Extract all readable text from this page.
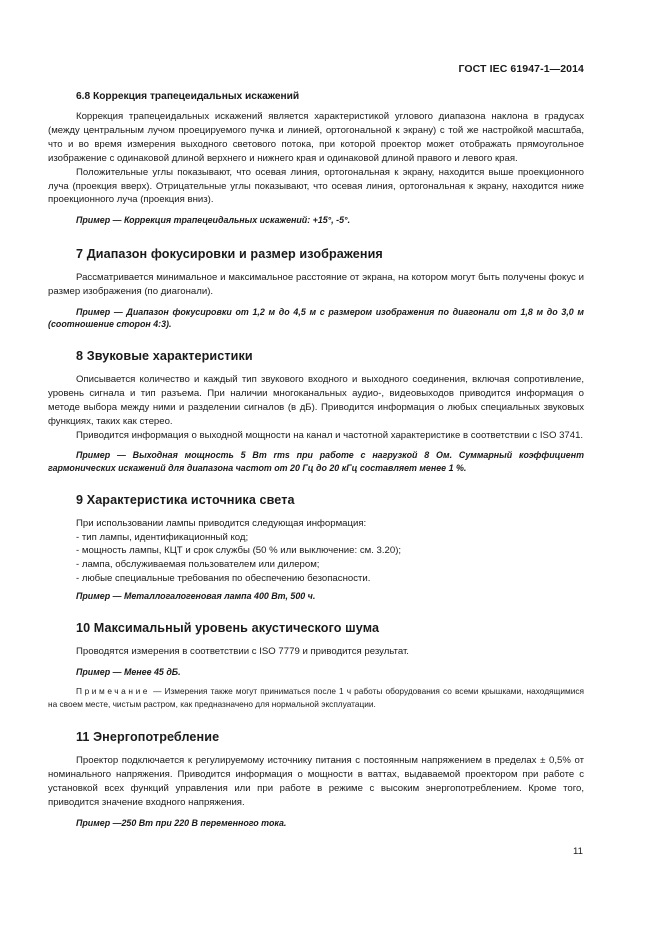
ГОСТ IEC 61947-1—2014
6.8 Коррекция трапецеидальных искажений

Коррекция трапецеидальных искажений является характеристикой углового диапазона наклона в градусах (между центральным лучом проецируемого пучка и линией, ортогональной к экрану) с той же настройкой масштаба, что и во время измерения выходного светового потока, при которой проектор может отображать прямоугольное изображение с одинаковой длиной верхнего и нижнего края и одинаковой длиной правого и левого края.

Положительные углы показывают, что осевая линия, ортогональная к экрану, находится выше проекционного луча (проекция вверх). Отрицательные углы показывают, что осевая линия, ортогональная к экрану, находится ниже проекционного луча (проекция вниз).

Пример — Коррекция трапецеидальных искажений: +15°, -5°.

7 Диапазон фокусировки и размер изображения

Рассматривается минимальное и максимальное расстояние от экрана, на котором могут быть получены фокус и размер изображения (по диагонали).

Пример — Диапазон фокусировки от 1,2 м до 4,5 м с размером изображения по диагонали от 1,8 м до 3,0 м (соотношение сторон 4:3).

8 Звуковые характеристики

Описывается количество и каждый тип звукового входного и выходного соединения, включая сопротивление, уровень сигнала и тип разъема. При наличии многоканальных аудио-, видеовыходов приводится информация о методе выбора между ними и разделении сигналов (в дБ). Приводится информация о любых специальных звуковых функциях, таких как стерео.

Приводится информация о выходной мощности на канал и частотной характеристике в соответствии с ISO 3741.

Пример — Выходная мощность 5 Вт rms при работе с нагрузкой 8 Ом. Суммарный коэффициент гармонических искажений для диапазона частот от 20 Гц до 20 кГц составляет менее 1 %.

9 Характеристика источника света

При использовании лампы приводится следующая информация:

- тип лампы, идентификационный код;

- мощность лампы, КЦТ и срок службы (50 % или выключение: см. 3.20);

- лампа, обслуживаемая пользователем или дилером;

- любые специальные требования по обеспечению безопасности.

Пример — Металлогалогеновая лампа 400 Вт, 500 ч.

10 Максимальный уровень акустического шума

Проводятся измерения в соответствии с ISO 7779 и приводится результат.

Пример — Менее 45 дБ.

Примечание — Измерения также могут приниматься после 1 ч работы оборудования со всеми крышками, находящимися на своем месте, чистым растром, как предназначено для нормальной эксплуатации.

11 Энергопотребление

Проектор подключается к регулируемому источнику питания с постоянным напряжением в пределах ± 0,5% от номинального напряжения. Приводится информация о мощности в ваттах, выдаваемой проектором при работе с установкой всех функций управления или при работе в режиме с высоким энергопотреблением. Кроме того, приводится значение входного напряжения.

Пример —250 Вт при 220 В переменного тока.

11
